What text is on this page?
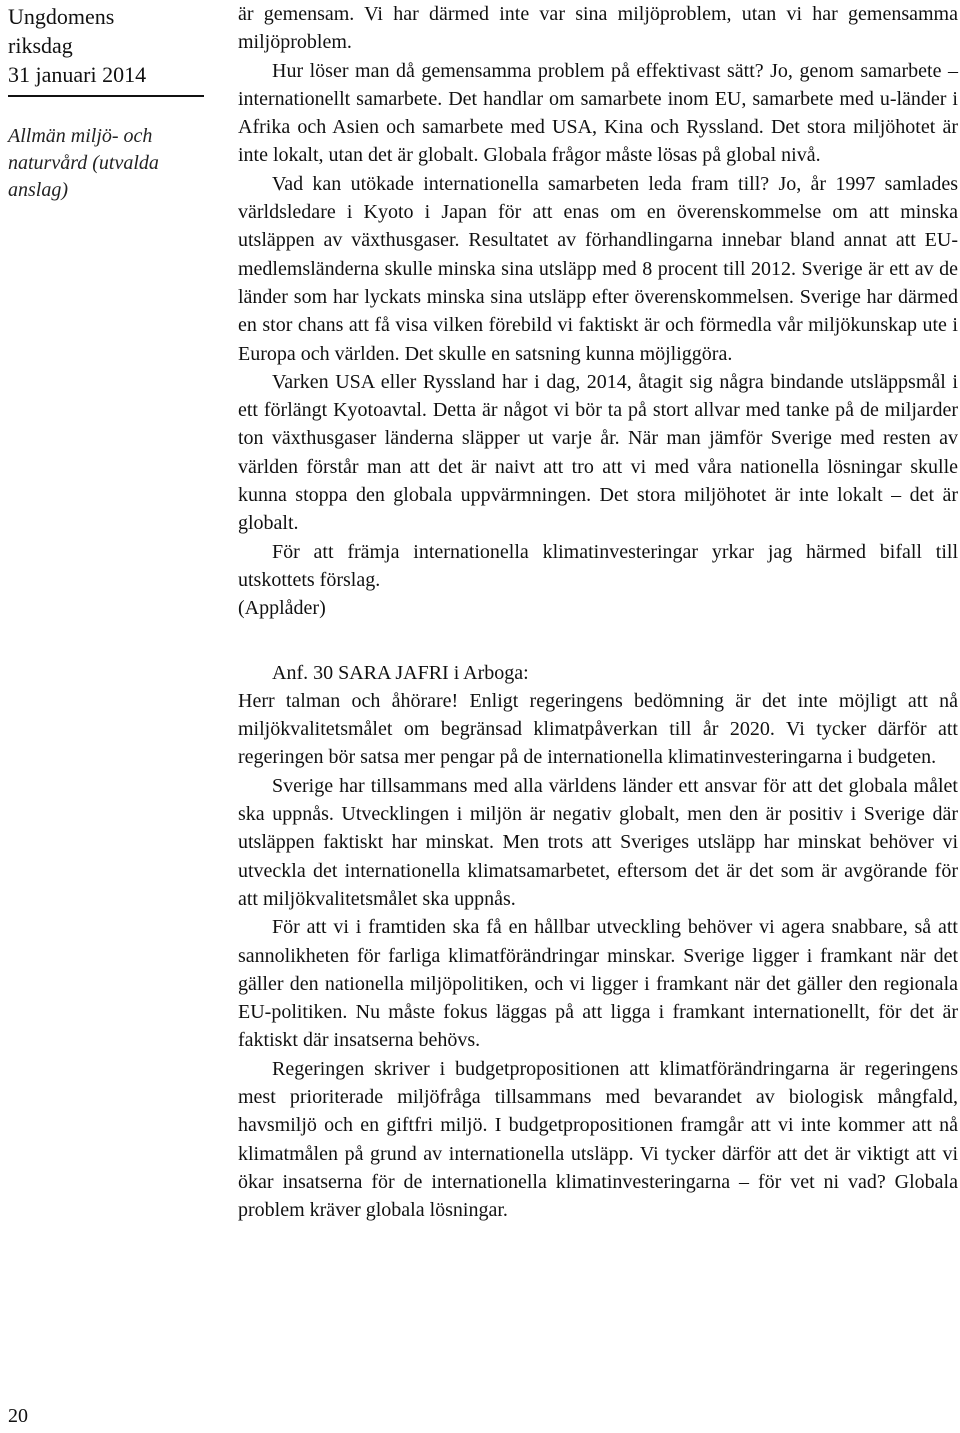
Ungdomens
riksdag
31 januari 2014
Allmän miljö- och naturvård (utvalda anslag)
20

är gemensam. Vi har därmed inte var sina miljöproblem, utan vi har gemensamma miljöproblem.

Hur löser man då gemensamma problem på effektivast sätt? Jo, genom samarbete – internationellt samarbete. Det handlar om samarbete inom EU, samarbete med u-länder i Afrika och Asien och samarbete med USA, Kina och Ryssland. Det stora miljöhotet är inte lokalt, utan det är globalt. Globala frågor måste lösas på global nivå.

Vad kan utökade internationella samarbeten leda fram till? Jo, år 1997 samlades världsledare i Kyoto i Japan för att enas om en överenskommelse om att minska utsläppen av växthusgaser. Resultatet av förhandlingarna innebar bland annat att EU-medlemsländerna skulle minska sina utsläpp med 8 procent till 2012. Sverige är ett av de länder som har lyckats minska sina utsläpp efter överenskommelsen. Sverige har därmed en stor chans att få visa vilken förebild vi faktiskt är och förmedla vår miljökunskap ute i Europa och världen. Det skulle en satsning kunna möjliggöra.

Varken USA eller Ryssland har i dag, 2014, åtagit sig några bindande utsläppsmål i ett förlängt Kyotoavtal. Detta är något vi bör ta på stort allvar med tanke på de miljarder ton växthusgaser länderna släpper ut varje år. När man jämför Sverige med resten av världen förstår man att det är naivt att tro att vi med våra nationella lösningar skulle kunna stoppa den globala uppvärmningen. Det stora miljöhotet är inte lokalt – det är globalt.

För att främja internationella klimatinvesteringar yrkar jag härmed bifall till utskottets förslag.

(Applåder)

Anf. 30 SARA JAFRI i Arboga:

Herr talman och åhörare! Enligt regeringens bedömning är det inte möjligt att nå miljökvalitetsmålet om begränsad klimatpåverkan till år 2020. Vi tycker därför att regeringen bör satsa mer pengar på de internationella klimatinvesteringarna i budgeten.

Sverige har tillsammans med alla världens länder ett ansvar för att det globala målet ska uppnås. Utvecklingen i miljön är negativ globalt, men den är positiv i Sverige där utsläppen faktiskt har minskat. Men trots att Sveriges utsläpp har minskat behöver vi utveckla det internationella klimatsamarbetet, eftersom det är det som är avgörande för att miljökvalitetsmålet ska uppnås.

För att vi i framtiden ska få en hållbar utveckling behöver vi agera snabbare, så att sannolikheten för farliga klimatförändringar minskar. Sverige ligger i framkant när det gäller den nationella miljöpolitiken, och vi ligger i framkant när det gäller den regionala EU-politiken. Nu måste fokus läggas på att ligga i framkant internationellt, för det är faktiskt där insatserna behövs.

Regeringen skriver i budgetpropositionen att klimatförändringarna är regeringens mest prioriterade miljöfråga tillsammans med bevarandet av biologisk mångfald, havsmiljö och en giftfri miljö. I budgetpropositionen framgår att vi inte kommer att nå klimatmålen på grund av internationella utsläpp. Vi tycker därför att det är viktigt att vi ökar insatserna för de internationella klimatinvesteringarna – för vet ni vad? Globala problem kräver globala lösningar.
